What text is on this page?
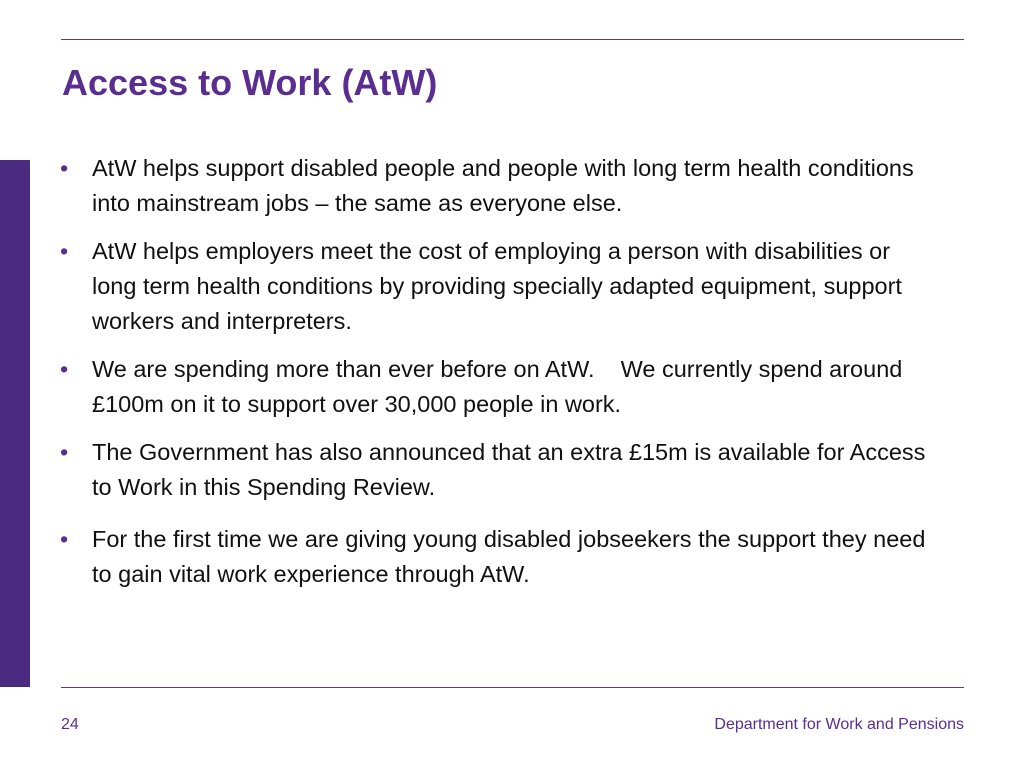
Access to Work (AtW)
•	AtW helps support disabled people and people with long term health conditions into mainstream jobs – the same as everyone else.
•	AtW helps employers meet the cost of employing a person with disabilities or long term health conditions by providing specially adapted equipment, support workers and interpreters.
•	We are spending more than ever before on AtW.    We currently spend around £100m on it to support over 30,000 people in work.
•	The Government has also announced that an extra £15m is available for Access to Work in this Spending Review.
•	For the first time we are giving young disabled jobseekers the support they need to gain vital work experience through AtW.
24	Department for Work and Pensions
